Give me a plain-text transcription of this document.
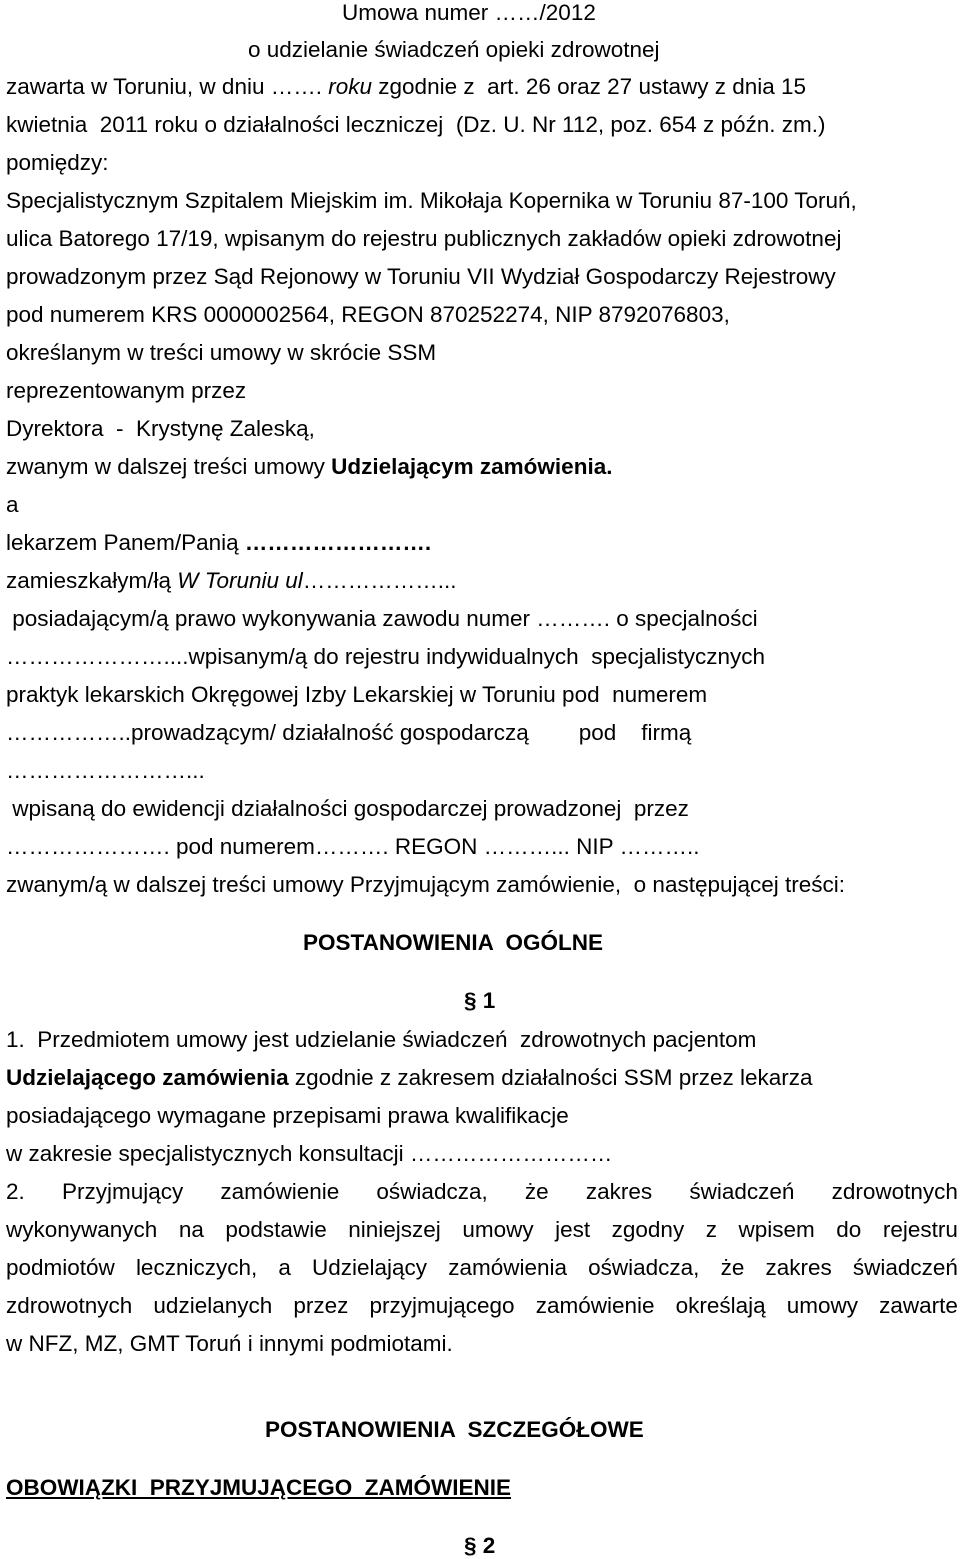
Umowa numer ……/2012
o udzielanie świadczeń opieki zdrowotnej
zawarta w Toruniu, w dniu ……. roku zgodnie z  art. 26 oraz 27 ustawy z dnia 15
kwietnia  2011 roku o działalności leczniczej  (Dz. U. Nr 112, poz. 654 z późn. zm.)
pomiędzy:
Specjalistycznym Szpitalem Miejskim im. Mikołaja Kopernika w Toruniu 87-100 Toruń,
ulica Batorego 17/19, wpisanym do rejestru publicznych zakładów opieki zdrowotnej
prowadzonym przez Sąd Rejonowy w Toruniu VII Wydział Gospodarczy Rejestrowy
pod numerem KRS 0000002564, REGON 870252274, NIP 8792076803,
określanym w treści umowy w skrócie SSM
reprezentowanym przez
Dyrektora  -  Krystynę Zaleską,
zwanym w dalszej treści umowy Udzielającym zamówienia.
a
lekarzem Panem/Panią …………………….
zamieszkałym/łą W Toruniu ul………………...
posiadającym/ą prawo wykonywania zawodu numer ………. o specjalności
…………………....wpisanym/ą do rejestru indywidualnych  specjalistycznych
praktyk lekarskich Okręgowej Izby Lekarskiej w Toruniu pod  numerem
……………..prowadzącym/ działalność gospodarczą        pod    firmą
……………………...
wpisaną do ewidencji działalności gospodarczej prowadzonej  przez
…………………. pod numerem………. REGON ………... NIP ………..
zwanym/ą w dalszej treści umowy Przyjmującym zamówienie,  o następującej treści:
POSTANOWIENIA  OGÓLNE
§ 1
1.  Przedmiotem umowy jest udzielanie świadczeń  zdrowotnych pacjentom
Udzielającego zamówienia zgodnie z zakresem działalności SSM przez lekarza
posiadającego wymagane przepisami prawa kwalifikacje
w zakresie specjalistycznych konsultacji ………………………
2. Przyjmujący zamówienie oświadcza, że zakres świadczeń zdrowotnych
wykonywanych na podstawie niniejszej umowy jest zgodny z wpisem do rejestru
podmiotów leczniczych, a Udzielający zamówienia oświadcza, że zakres świadczeń
zdrowotnych udzielanych przez przyjmującego zamówienie określają umowy zawarte
w NFZ, MZ, GMT Toruń i innymi podmiotami.
POSTANOWIENIA  SZCZEGÓŁOWE
OBOWIĄZKI  PRZYJMUJĄCEGO  ZAMÓWIENIE
§ 2
